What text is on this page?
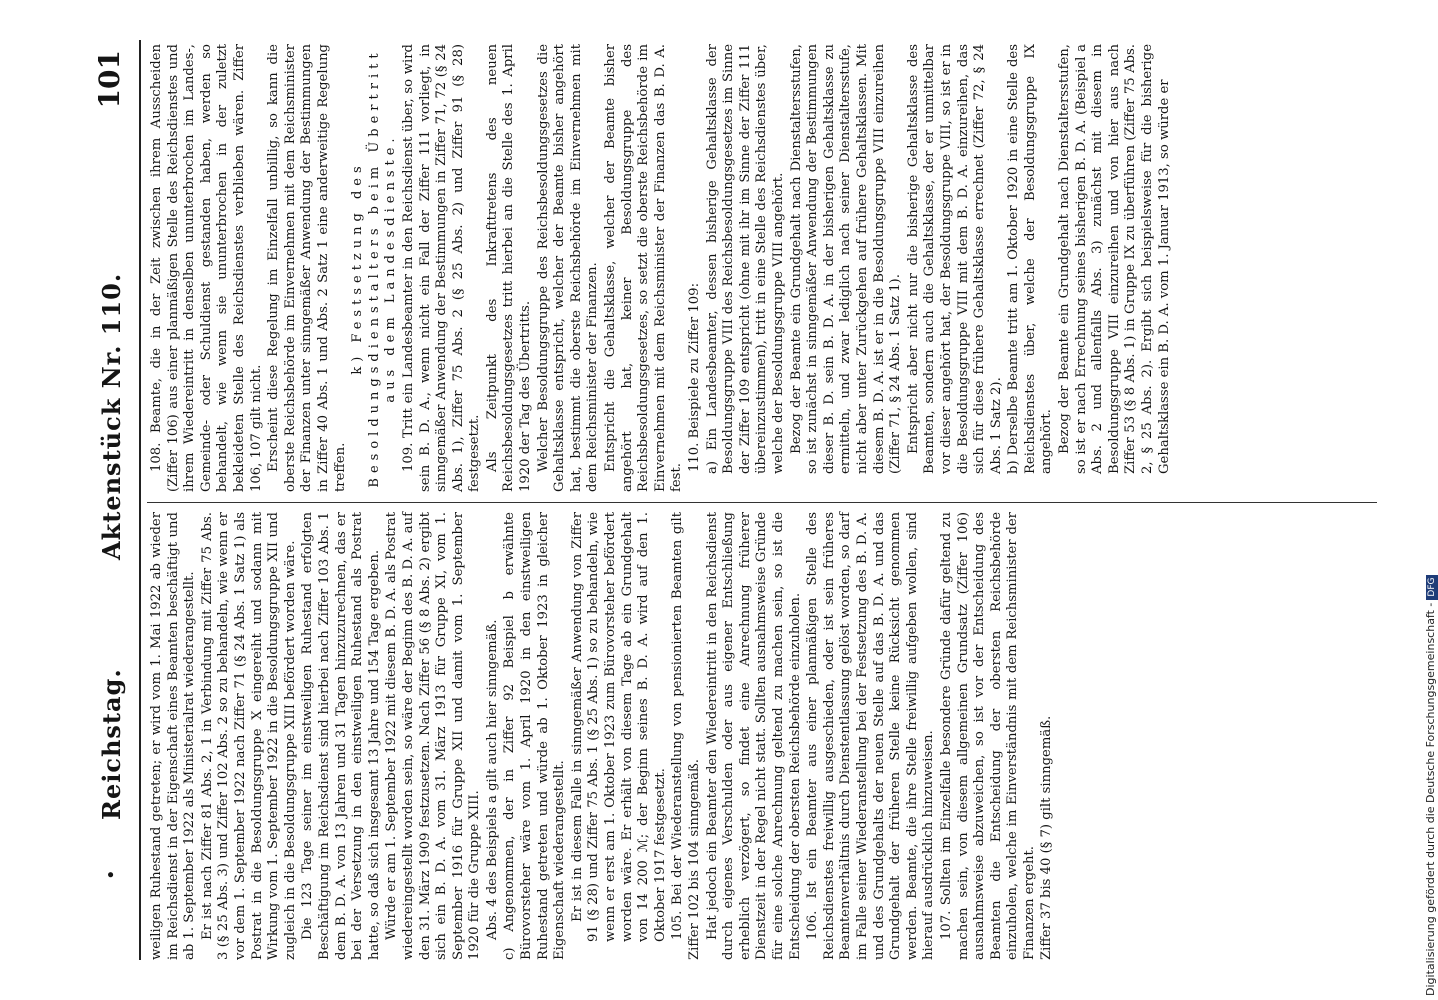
•
Reichstag.
Aktenstück Nr. 110.
101

weiligen Ruhestand getreten; er wird vom 1. Mai 1922 ab wieder im Reichsdienst in der Eigenschaft eines Beamten beschäftigt und ab 1. September 1922 als Ministerialrat wiederangestellt. Er ist nach Ziffer 81 Abs. 2, 1 in Verbindung mit Ziffer 75 Abs. 3 (§ 25 Abs. 3) und Ziffer 102 Abs. 2 so zu behandeln, wie wenn er vor dem 1. September 1922 nach Ziffer 71 (§ 24 Abs. 1 Satz 1) als Postrat in die Besoldungsgruppe X eingereiht und sodann mit Wirkung vom 1. September 1922 in die Besoldungsgruppe XII und zugleich in die Besoldungsgruppe XIII befördert worden wäre. Die 123 Tage seiner im einstweiligen Ruhestand erfolgten Beschäftigung im Reichsdienst sind hierbei nach Ziffer 103 Abs. 1 dem B. D. A. von 13 Jahren und 31 Tagen hinzuzurechnen, das er bei der Versetzung in den einstweiligen Ruhestand als Postrat hatte, so daß sich insgesamt 13 Jahre und 154 Tage ergeben. Würde er am 1. September 1922 mit diesem B. D. A. als Postrat wiedereingestellt worden sein, so wäre der Beginn des B. D. A. auf den 31. März 1909 festzusetzen. Nach Ziffer 56 (§ 8 Abs. 2) ergibt sich ein B. D. A. vom 31. März 1913 für Gruppe XI, vom 1. September 1916 für Gruppe XII und damit vom 1. September 1920 für die Gruppe XIII. Abs. 4 des Beispiels a gilt auch hier sinngemäß. c) Angenommen, der in Ziffer 92 Beispiel b erwähnte Bürovorsteher wäre vom 1. April 1920 in den einstweiligen Ruhestand getreten und würde ab 1. Oktober 1923 in gleicher Eigenschaft wiederangestellt. Er ist in diesem Falle in sinngemäßer Anwendung von Ziffer 91 (§ 28) und Ziffer 75 Abs. 1 (§ 25 Abs. 1) so zu behandeln, wie wenn er erst am 1. Oktober 1923 zum Bürovorsteher befördert worden wäre. Er erhält von diesem Tage ab ein Grundgehalt von 14 200 ℳ; der Beginn seines B. D. A. wird auf den 1. Oktober 1917 festgesetzt. 105. Bei der Wiederanstellung von pensionierten Beamten gilt Ziffer 102 bis 104 sinngemäß. Hat jedoch ein Beamter den Wiedereintritt in den Reichsdienst durch eigenes Verschulden oder aus eigener Entschließung erheblich verzögert, so findet eine Anrechnung früherer Dienstzeit in der Regel nicht statt. Sollten ausnahmsweise Gründe für eine solche Anrechnung geltend zu machen sein, so ist die Entscheidung der obersten Reichsbehörde einzuholen. 106. Ist ein Beamter aus einer planmäßigen Stelle des Reichsdienstes freiwillig ausgeschieden, oder ist sein früheres Beamtenverhältnis durch Dienstentlassung gelöst worden, so darf im Falle seiner Wiederanstellung bei der Festsetzung des B. D. A. und des Grundgehalts der neuen Stelle auf das B. D. A. und das Grundgehalt der früheren Stelle keine Rücksicht genommen werden. Beamte, die ihre Stelle freiwillig aufgeben wollen, sind hierauf ausdrücklich hinzuweisen. 107. Sollten im Einzelfalle besondere Gründe dafür geltend zu machen sein, von diesem allgemeinen Grundsatz (Ziffer 106) ausnahmsweise abzuweichen, so ist vor der Entscheidung des Beamten die Entscheidung der obersten Reichsbehörde einzuholen, welche im Einverständnis mit dem Reichsminister der Finanzen ergeht. Ziffer 37 bis 40 (§ 7) gilt sinngemäß.

108. Beamte, die in der Zeit zwischen ihrem Ausscheiden (Ziffer 106) aus einer planmäßigen Stelle des Reichsdienstes und ihrem Wiedereintritt in denselben ununterbrochen im Landes-, Gemeinde- oder Schuldienst gestanden haben, werden so behandelt, wie wenn sie ununterbrochen in der zuletzt bekleideten Stelle des Reichsdienstes verblieben wären. Ziffer 106, 107 gilt nicht. Erscheint diese Regelung im Einzelfall unbillig, so kann die oberste Reichsbehörde im Einvernehmen mit dem Reichsminister der Finanzen unter sinngemäßer Anwendung der Bestimmungen in Ziffer 40 Abs. 1 und Abs. 2 Satz 1 eine anderweitige Regelung treffen.

k) Festsetzung des Besoldungsdienstalters beim Übertritt aus dem Landesdienste. 109. Tritt ein Landesbeamter in den Reichsdienst über, so wird sein B. D. A., wenn nicht ein Fall der Ziffer 111 vorliegt, in sinngemäßer Anwendung der Bestimmungen in Ziffer 71, 72 (§ 24 Abs. 1), Ziffer 75 Abs. 2 (§ 25 Abs. 2) und Ziffer 91 (§ 28) festgesetzt. Als Zeitpunkt des Inkrafttretens des neuen Reichsbesoldungsgesetzes tritt hierbei an die Stelle des 1. April 1920 der Tag des Übertritts. Welcher Besoldungsgruppe des Reichsbesoldungsgesetzes die Gehaltsklasse entspricht, welcher der Beamte bisher angehört hat, bestimmt die oberste Reichsbehörde im Einvernehmen mit dem Reichsminister der Finanzen. Entspricht die Gehaltsklasse, welcher der Beamte bisher angehört hat, keiner Besoldungsgruppe des Reichsbesoldungsgesetzes, so setzt die oberste Reichsbehörde im Einvernehmen mit dem Reichsminister der Finanzen das B. D. A. fest.

110. Beispiele zu Ziffer 109: a) Ein Landesbeamter, dessen bisherige Gehaltsklasse der Besoldungsgruppe VIII des Reichsbesoldungsgesetzes im Sinne der Ziffer 109 entspricht (ohne mit ihr im Sinne der Ziffer 111 übereinzustimmen), tritt in eine Stelle des Reichsdienstes über, welche der Besoldungsgruppe VIII angehört. Bezog der Beamte ein Grundgehalt nach Dienstaltersstufen, so ist zunächst in sinngemäßer Anwendung der Bestimmungen dieser B. D. sein B. D. A. in der bisherigen Gehaltsklasse zu ermitteln, und zwar lediglich nach seiner Dienstaltersstufe, nicht aber unter Zurückgehen auf frühere Gehaltsklassen. Mit diesem B. D. A. ist er in die Besoldungsgruppe VIII einzureihen (Ziffer 71, § 24 Abs. 1 Satz 1). Entspricht aber nicht nur die bisherige Gehaltsklasse des Beamten, sondern auch die Gehaltsklasse, der er unmittelbar vor dieser angehört hat, der Besoldungsgruppe VIII, so ist er in die Besoldungsgruppe VIII mit dem B. D. A. einzureihen, das sich für diese frühere Gehaltsklasse errechnet (Ziffer 72, § 24 Abs. 1 Satz 2). b) Derselbe Beamte tritt am 1. Oktober 1920 in eine Stelle des Reichsdienstes über, welche der Besoldungsgruppe IX angehört. Bezog der Beamte ein Grundgehalt nach Dienstaltersstufen, so ist er nach Errechnung seines bisherigen B. D. A. (Beispiel a Abs. 2 und allenfalls Abs. 3) zunächst mit diesem in Besoldungsgruppe VIII einzureihen und von hier aus nach Ziffer 53 (§ 8 Abs. 1) in Gruppe IX zu überführen (Ziffer 75 Abs. 2, § 25 Abs. 2). Ergibt sich beispielsweise für die bisherige Gehaltsklasse ein B. D. A. vom 1. Januar 1913, so würde er

Digitalisierung gefördert durch die Deutsche Forschungsgemeinschaft -DFG
